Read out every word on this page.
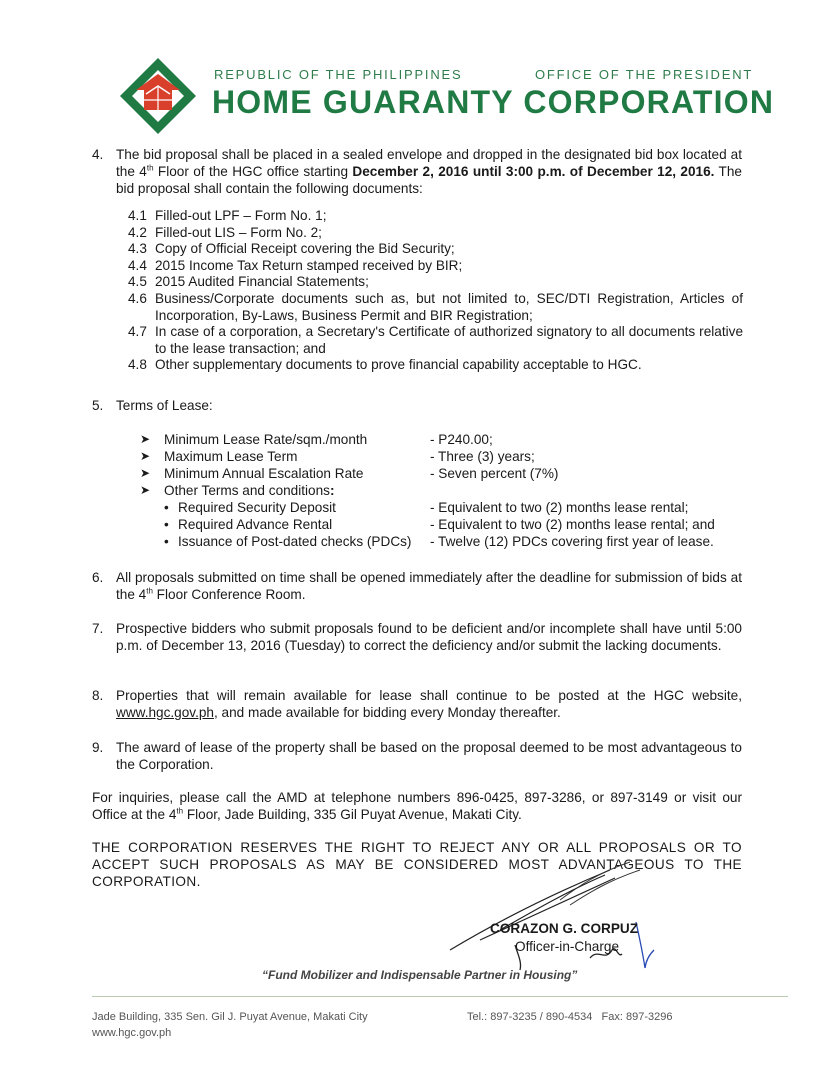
REPUBLIC OF THE PHILIPPINES	OFFICE OF THE PRESIDENT
HOME GUARANTY CORPORATION
4. The bid proposal shall be placed in a sealed envelope and dropped in the designated bid box located at the 4th Floor of the HGC office starting December 2, 2016 until 3:00 p.m. of December 12, 2016. The bid proposal shall contain the following documents:
4.1 Filled-out LPF – Form No. 1;
4.2 Filled-out LIS – Form No. 2;
4.3 Copy of Official Receipt covering the Bid Security;
4.4 2015 Income Tax Return stamped received by BIR;
4.5 2015 Audited Financial Statements;
4.6 Business/Corporate documents such as, but not limited to, SEC/DTI Registration, Articles of Incorporation, By-Laws, Business Permit and BIR Registration;
4.7 In case of a corporation, a Secretary's Certificate of authorized signatory to all documents relative to the lease transaction; and
4.8 Other supplementary documents to prove financial capability acceptable to HGC.
5. Terms of Lease:
➤	Minimum Lease Rate/sqm./month	- P240.00;
➤	Maximum Lease Term	- Three (3) years;
➤	Minimum Annual Escalation Rate	- Seven percent (7%)
➤	Other Terms and conditions:
• Required Security Deposit	- Equivalent to two (2) months lease rental;
• Required Advance Rental	- Equivalent to two (2) months lease rental; and
• Issuance of Post-dated checks (PDCs)	- Twelve (12) PDCs covering first year of lease.
6. All proposals submitted on time shall be opened immediately after the deadline for submission of bids at the 4th Floor Conference Room.
7. Prospective bidders who submit proposals found to be deficient and/or incomplete shall have until 5:00 p.m. of December 13, 2016 (Tuesday) to correct the deficiency and/or submit the lacking documents.
8. Properties that will remain available for lease shall continue to be posted at the HGC website, www.hgc.gov.ph, and made available for bidding every Monday thereafter.
9. The award of lease of the property shall be based on the proposal deemed to be most advantageous to the Corporation.
For inquiries, please call the AMD at telephone numbers 896-0425, 897-3286, or 897-3149 or visit our Office at the 4th Floor, Jade Building, 335 Gil Puyat Avenue, Makati City.
THE CORPORATION RESERVES THE RIGHT TO REJECT ANY OR ALL PROPOSALS OR TO ACCEPT SUCH PROPOSALS AS MAY BE CONSIDERED MOST ADVANTAGEOUS TO THE CORPORATION.
CORAZON G. CORPUZ
Officer-in-Charge
“Fund Mobilizer and Indispensable Partner in Housing”
Jade Building, 335 Sen. Gil J. Puyat Avenue, Makati City
www.hgc.gov.ph
Tel.: 897-3235 / 890-4534   Fax: 897-3296
